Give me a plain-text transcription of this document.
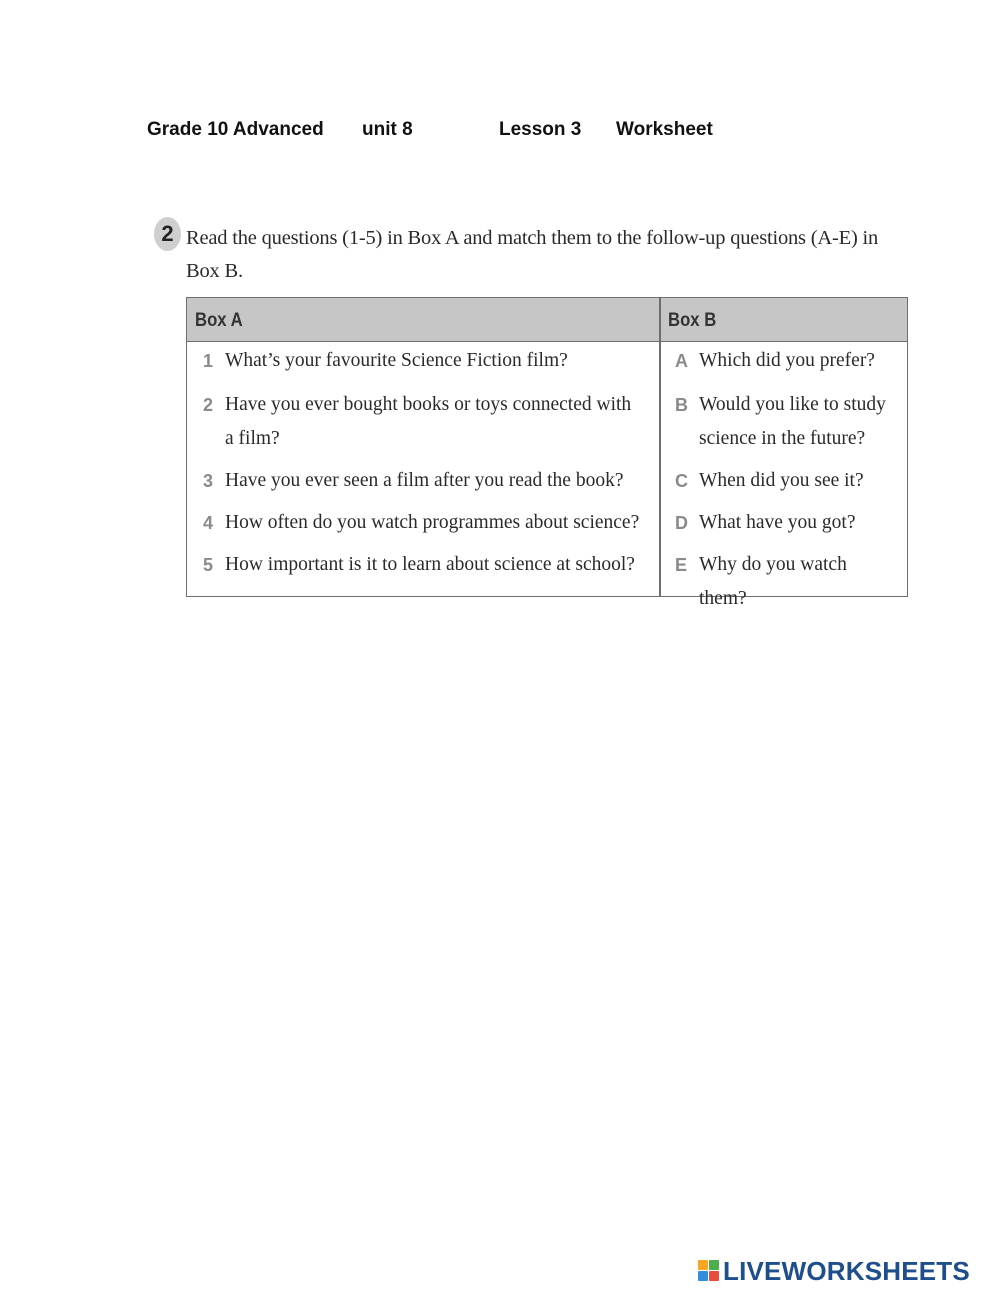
Grade 10 Advanced unit 8	Lesson 3 Worksheet
2 Read the questions (1-5) in Box A and match them to the follow-up questions (A-E) in Box B.
Box A	Box B
1 What’s your favourite Science Fiction film?
2 Have you ever bought books or toys connected with a film?
3 Have you ever seen a film after you read the book?
4 How often do you watch programmes about science?
5 How important is it to learn about science at school?
A Which did you prefer?
B Would you like to study science in the future?
C When did you see it?
D What have you got?
E Why do you watch them?
LIVEWORKSHEETS
